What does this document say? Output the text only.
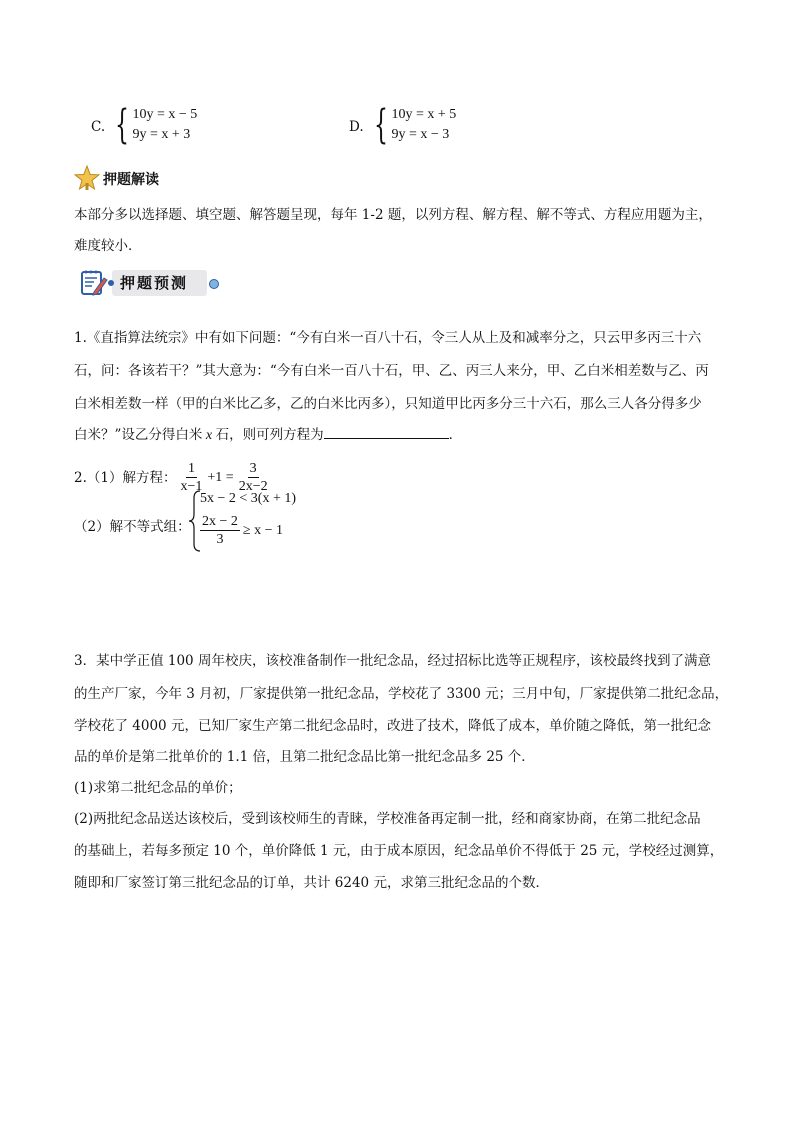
C. { 10y = x − 5
9y = x + 3	D. { 10y = x + 5
9y = x − 3
押题解读
本部分多以选择题、填空题、解答题呈现，每年 1-2 题，以列方程、解方程、解不等式、方程应用题为主，
难度较小．
押题预测
1.《直指算法统宗》中有如下问题：“今有白米一百八十石，令三人从上及和减率分之，只云甲多丙三十六
石，问：各该若干？”其大意为：“今有白米一百八十石，甲、乙、丙三人来分，甲、乙白米相差数与乙、丙
白米相差数一样（甲的白米比乙多，乙的白米比丙多），只知道甲比丙多分三十六石，那么三人各分得多少
白米？”设乙分得白米 x 石，则可列方程为	．
2.（1）解方程： $\frac{1}{x-1} +1 = \frac{3}{2x-2}$
（2）解不等式组：
5x − 2 < 3(x + 1)
$\frac{2x - 2}{3} \ge x - 1$
3．某中学正值 100 周年校庆，该校准备制作一批纪念品，经过招标比选等正规程序，该校最终找到了满意
的生产厂家，今年 3 月初，厂家提供第一批纪念品，学校花了 3300 元；三月中旬，厂家提供第二批纪念品，
学校花了 4000 元，已知厂家生产第二批纪念品时，改进了技术，降低了成本，单价随之降低，第一批纪念
品的单价是第二批单价的 1.1 倍，且第二批纪念品比第一批纪念品多 25 个．
(1)求第二批纪念品的单价；
(2)两批纪念品送达该校后，受到该校师生的青睐，学校准备再定制一批，经和商家协商，在第二批纪念品
的基础上，若每多预定 10 个，单价降低 1 元，由于成本原因，纪念品单价不得低于 25 元，学校经过测算，
随即和厂家签订第三批纪念品的订单，共计 6240 元，求第三批纪念品的个数．
